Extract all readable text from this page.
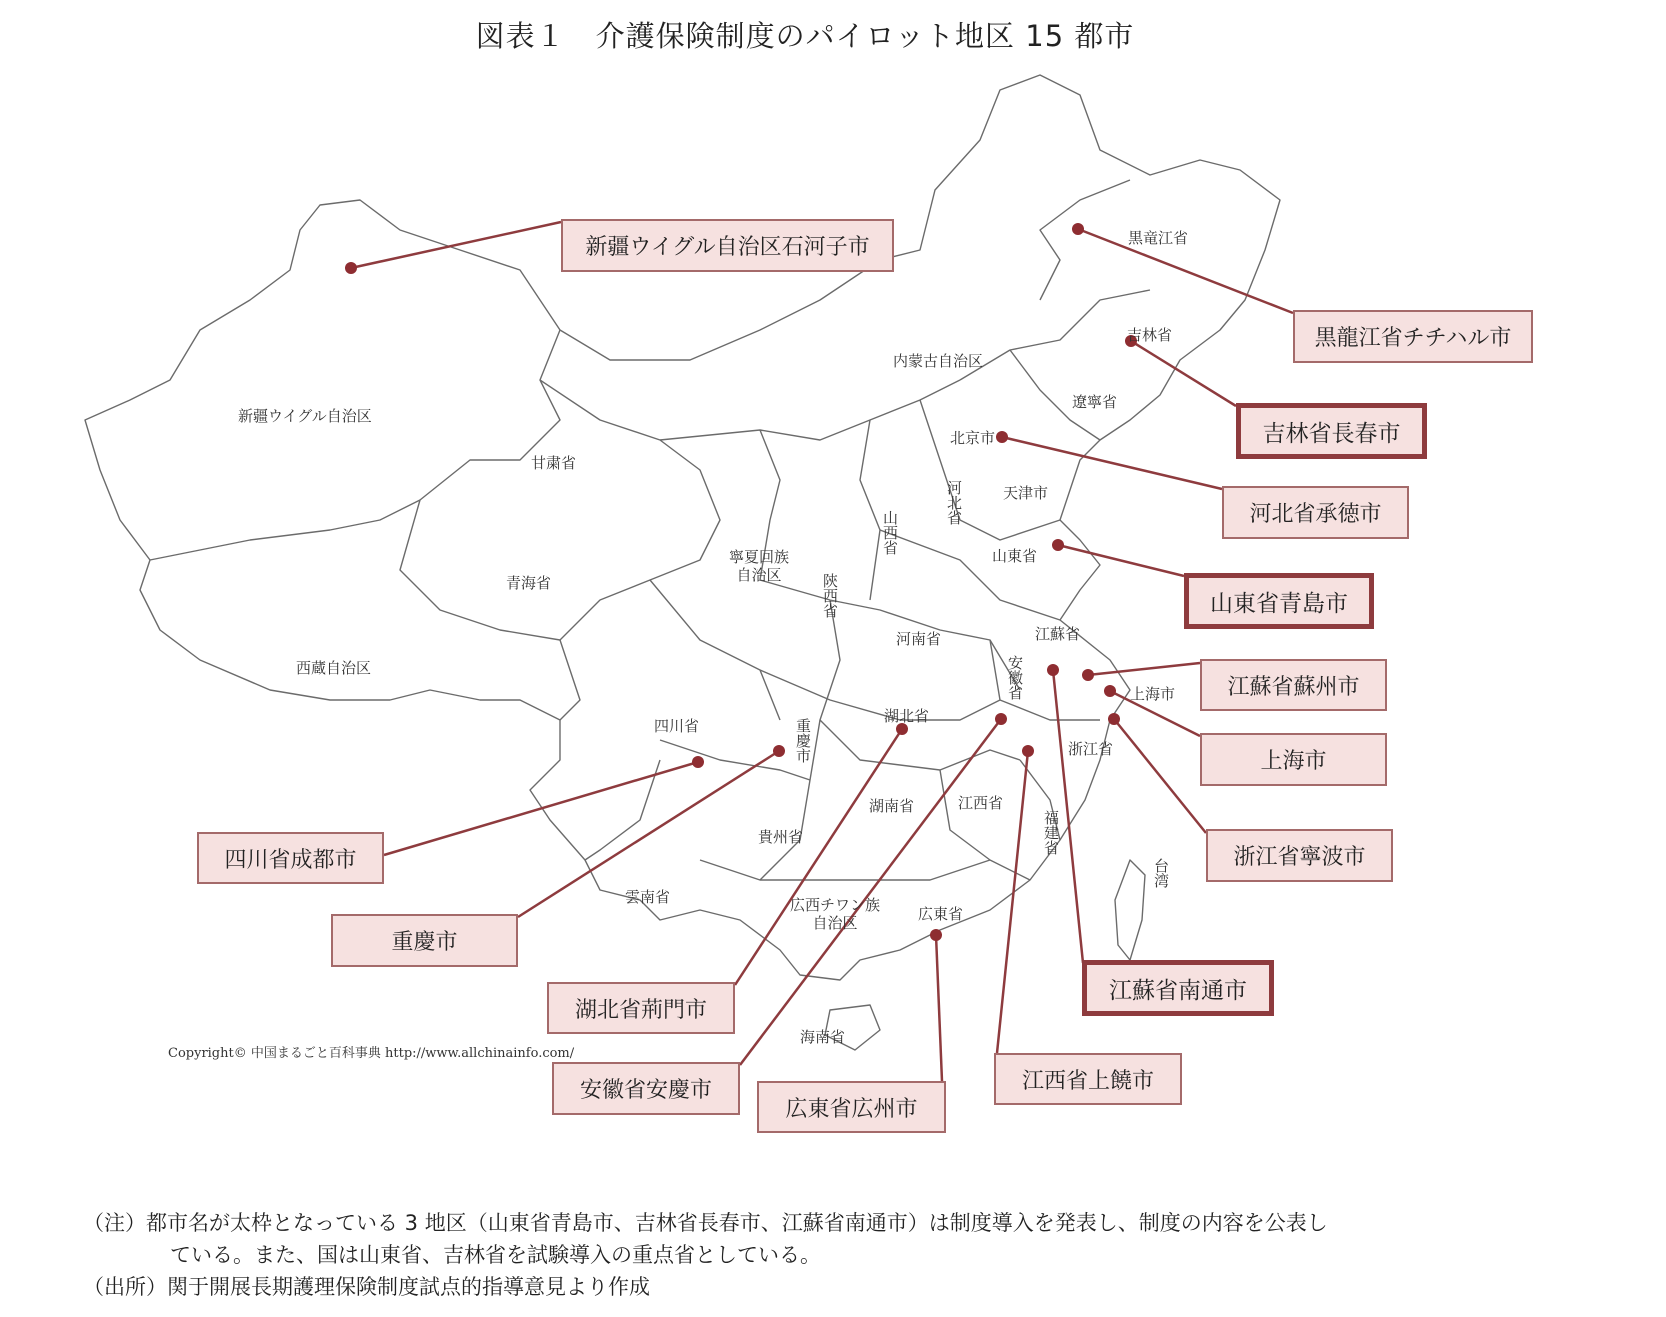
図表１　介護保険制度のパイロット地区 15 都市
新疆ウイグル自治区
西蔵自治区
青海省
甘粛省
内蒙古自治区
黒竜江省
吉林省
遼寧省
北京市
天津市
河北省
山西省
山東省
寧夏回族自治区	陝西省
河南省	江蘇省
安徽省	上海市
四川省	重慶市
湖北省
浙江省
湖南省	江西省
貴州省	福建省
台湾
雲南省	広西チワン族自治区	広東省
海南省
Copyright© 中国まるごと百科事典 http://www.allchinainfo.com/
新疆ウイグル自治区石河子市
黒龍江省チチハル市
吉林省長春市
河北省承徳市
山東省青島市
江蘇省蘇州市
上海市
浙江省寧波市
四川省成都市
重慶市
湖北省荊門市
安徽省安慶市
広東省広州市
江西省上饒市
江蘇省南通市
（注）都市名が太枠となっている 3 地区（山東省青島市、吉林省長春市、江蘇省南通市）は制度導入を発表し、制度の内容を公表し
ている。また、国は山東省、吉林省を試験導入の重点省としている。
（出所）関于開展長期護理保険制度試点的指導意見より作成
